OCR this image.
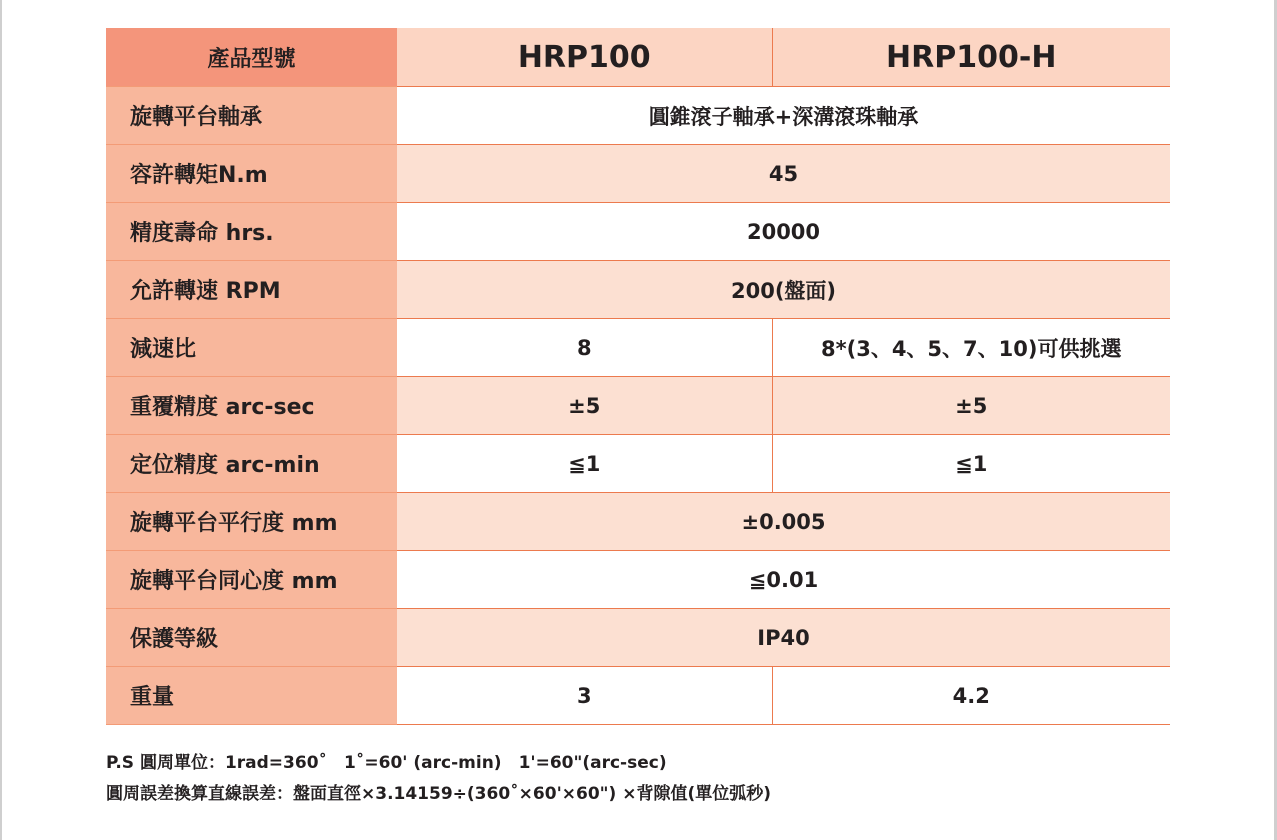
產品型號	HRP100	HRP100-H
旋轉平台軸承	圓錐滾子軸承+深溝滾珠軸承	
容許轉矩N.m	45	
精度壽命 hrs.	20000	
允許轉速 RPM	200(盤面)	
減速比	8	8*(3、4、5、7、10)可供挑選
重覆精度 arc-sec	±5	±5
定位精度 arc-min	≦1	≦1
旋轉平台平行度 mm	±0.005	
旋轉平台同心度 mm	≦0.01	
保護等級	IP40	
重量	3	4.2
P.S 圓周單位：1rad=360˚　1˚=60' (arc-min)　1'=60"(arc-sec)
圓周誤差換算直線誤差：盤面直徑×3.14159÷(360˚×60'×60") ×背隙值(單位弧秒)
